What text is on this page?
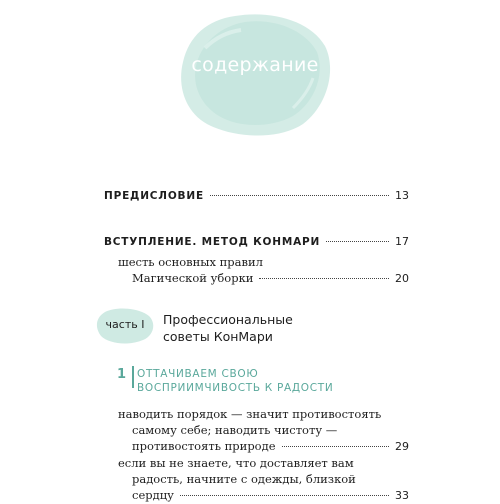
содержание
ПРЕДИСЛОВИЕ	13
ВСТУПЛЕНИЕ. МЕТОД КОНМАРИ	17
шесть основных правил
Магической уборки	20
часть I	Профессиональные
советы КонМари
1 ОТТАЧИВАЕМ СВОЮ
ВОСПРИИМЧИВОСТЬ К РАДОСТИ
наводить порядок — значит противостоять
самому себе; наводить чистоту —
противостоять природе	29
если вы не знаете, что доставляет вам
радость, начните с одежды, близкой
сердцу	33
